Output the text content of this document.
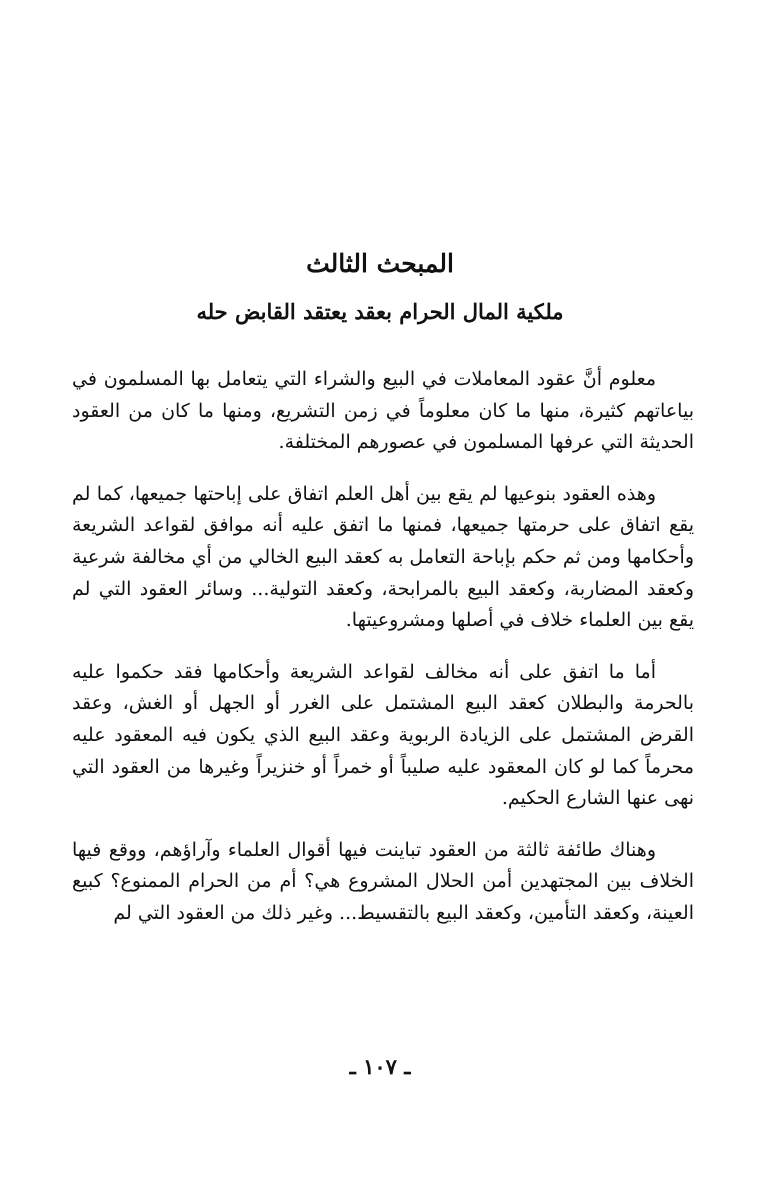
المبحث الثالث
ملكية المال الحرام بعقد يعتقد القابض حله

معلوم أنَّ عقود المعاملات في البيع والشراء التي يتعامل بها المسلمون في بياعاتهم كثيرة، منها ما كان معلوماً في زمن التشريع، ومنها ما كان من العقود الحديثة التي عرفها المسلمون في عصورهم المختلفة.

وهذه العقود بنوعيها لم يقع بين أهل العلم اتفاق على إباحتها جميعها، كما لم يقع اتفاق على حرمتها جميعها، فمنها ما اتفق عليه أنه موافق لقواعد الشريعة وأحكامها ومن ثم حكم بإباحة التعامل به كعقد البيع الخالي من أي مخالفة شرعية وكعقد المضاربة، وكعقد البيع بالمرابحة، وكعقد التولية... وسائر العقود التي لم يقع بين العلماء خلاف في أصلها ومشروعيتها.

أما ما اتفق على أنه مخالف لقواعد الشريعة وأحكامها فقد حكموا عليه بالحرمة والبطلان كعقد البيع المشتمل على الغرر أو الجهل أو الغش، وعقد القرض المشتمل على الزيادة الربوية وعقد البيع الذي يكون فيه المعقود عليه محرماً كما لو كان المعقود عليه صليباً أو خمراً أو خنزيراً وغيرها من العقود التي نهى عنها الشارع الحكيم.

وهناك طائفة ثالثة من العقود تباينت فيها أقوال العلماء وآراؤهم، ووقع فيها الخلاف بين المجتهدين أمن الحلال المشروع هي؟ أم من الحرام الممنوع؟ كبيع العينة، وكعقد التأمين، وكعقد البيع بالتقسيط... وغير ذلك من العقود التي لم

ـ ١٠٧ ـ
